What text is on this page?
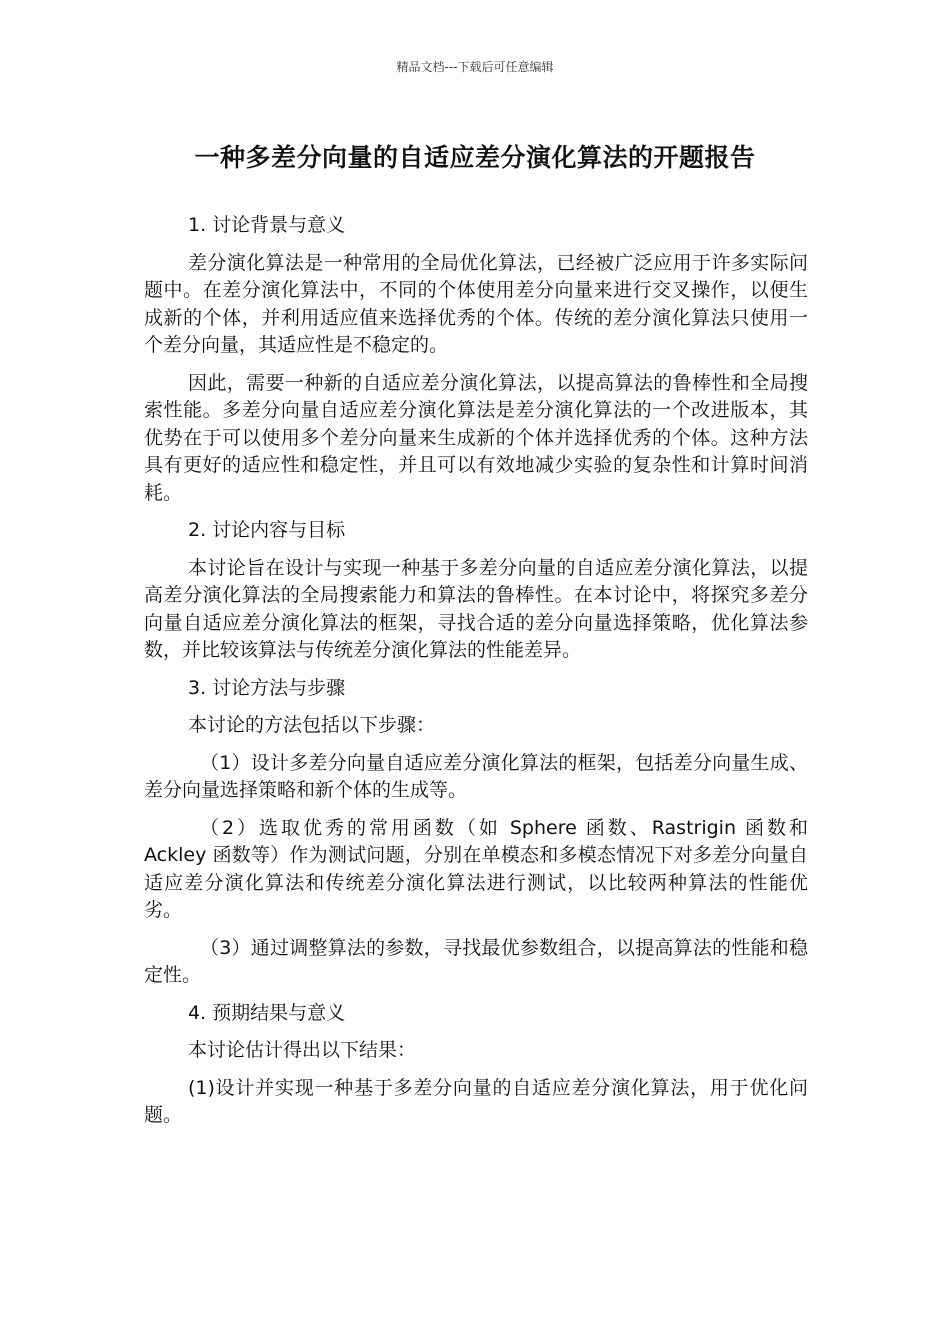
精品文档---下载后可任意编辑
一种多差分向量的自适应差分演化算法的开题报告
1. 讨论背景与意义
差分演化算法是一种常用的全局优化算法，已经被广泛应用于许多实际问题中。在差分演化算法中，不同的个体使用差分向量来进行交叉操作，以便生成新的个体，并利用适应值来选择优秀的个体。传统的差分演化算法只使用一个差分向量，其适应性是不稳定的。
因此，需要一种新的自适应差分演化算法，以提高算法的鲁棒性和全局搜索性能。多差分向量自适应差分演化算法是差分演化算法的一个改进版本，其优势在于可以使用多个差分向量来生成新的个体并选择优秀的个体。这种方法具有更好的适应性和稳定性，并且可以有效地减少实验的复杂性和计算时间消耗。
2. 讨论内容与目标
本讨论旨在设计与实现一种基于多差分向量的自适应差分演化算法，以提高差分演化算法的全局搜索能力和算法的鲁棒性。在本讨论中，将探究多差分向量自适应差分演化算法的框架，寻找合适的差分向量选择策略，优化算法参数，并比较该算法与传统差分演化算法的性能差异。
3. 讨论方法与步骤
本讨论的方法包括以下步骤：
（1）设计多差分向量自适应差分演化算法的框架，包括差分向量生成、差分向量选择策略和新个体的生成等。
（2）选取优秀的常用函数（如 Sphere 函数、Rastrigin 函数和 Ackley 函数等）作为测试问题，分别在单模态和多模态情况下对多差分向量自适应差分演化算法和传统差分演化算法进行测试，以比较两种算法的性能优劣。
（3）通过调整算法的参数，寻找最优参数组合，以提高算法的性能和稳定性。
4. 预期结果与意义
本讨论估计得出以下结果：
(1)设计并实现一种基于多差分向量的自适应差分演化算法，用于优化问题。
